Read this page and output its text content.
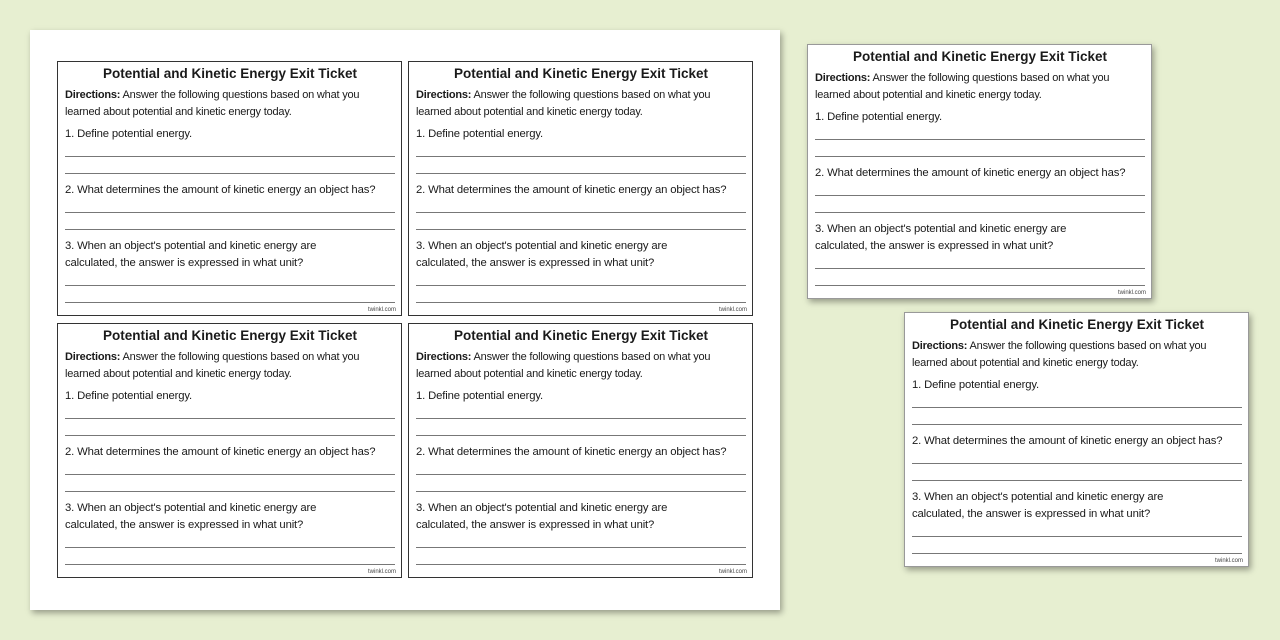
Potential and Kinetic Energy Exit Ticket
Directions: Answer the following questions based on what you learned about potential and kinetic energy today.
1. Define potential energy.
2. What determines the amount of kinetic energy an object has?
3. When an object's potential and kinetic energy are
calculated, the answer is expressed in what unit?
twinkl.com
Potential and Kinetic Energy Exit Ticket
Directions: Answer the following questions based on what you learned about potential and kinetic energy today.
1. Define potential energy.
2. What determines the amount of kinetic energy an object has?
3. When an object's potential and kinetic energy are
calculated, the answer is expressed in what unit?
twinkl.com
Potential and Kinetic Energy Exit Ticket
Directions: Answer the following questions based on what you learned about potential and kinetic energy today.
1. Define potential energy.
2. What determines the amount of kinetic energy an object has?
3. When an object's potential and kinetic energy are
calculated, the answer is expressed in what unit?
twinkl.com
Potential and Kinetic Energy Exit Ticket
Directions: Answer the following questions based on what you learned about potential and kinetic energy today.
1. Define potential energy.
2. What determines the amount of kinetic energy an object has?
3. When an object's potential and kinetic energy are
calculated, the answer is expressed in what unit?
twinkl.com
Potential and Kinetic Energy Exit Ticket
Directions: Answer the following questions based on what you learned about potential and kinetic energy today.
1. Define potential energy.
2. What determines the amount of kinetic energy an object has?
3. When an object's potential and kinetic energy are
calculated, the answer is expressed in what unit?
twinkl.com
Potential and Kinetic Energy Exit Ticket
Directions: Answer the following questions based on what you learned about potential and kinetic energy today.
1. Define potential energy.
2. What determines the amount of kinetic energy an object has?
3. When an object's potential and kinetic energy are
calculated, the answer is expressed in what unit?
twinkl.com
